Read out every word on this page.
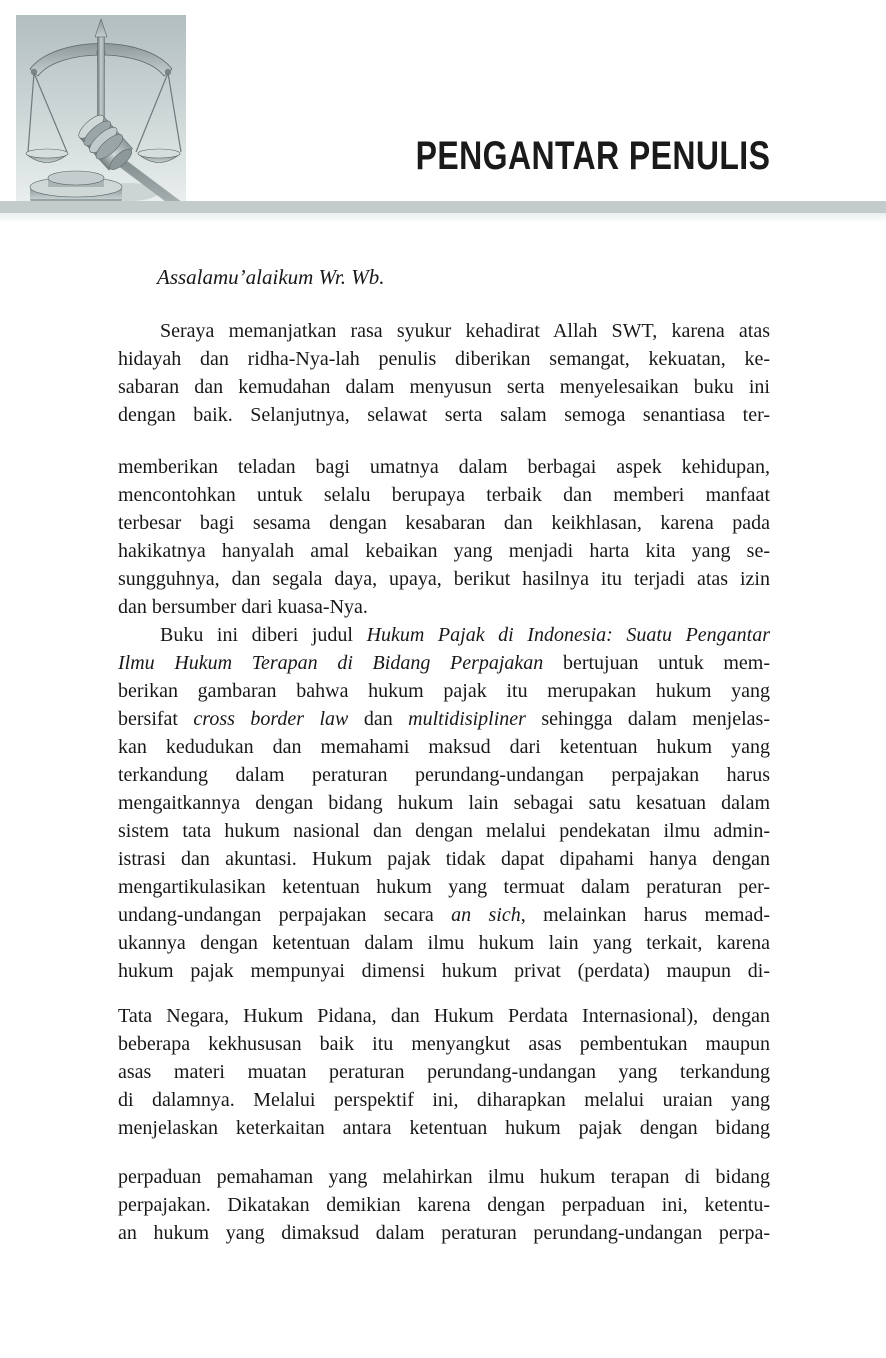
PENGANTAR PENULIS
Assalamu’alaikum Wr. Wb.
Seraya memanjatkan rasa syukur kehadirat Allah SWT, karena atas
hidayah dan ridha-Nya-lah penulis diberikan semangat, kekuatan, ke-
sabaran dan kemudahan dalam menyusun serta menyelesaikan buku ini
dengan baik. Selanjutnya, selawat serta salam semoga senantiasa ter-
memberikan teladan bagi umatnya dalam berbagai aspek kehidupan,
mencontohkan untuk selalu berupaya terbaik dan memberi manfaat
terbesar bagi sesama dengan kesabaran dan keikhlasan, karena pada
hakikatnya hanyalah amal kebaikan yang menjadi harta kita yang se-
sungguhnya, dan segala daya, upaya, berikut hasilnya itu terjadi atas izin
dan bersumber dari kuasa-Nya.
Buku ini diberi judul Hukum Pajak di Indonesia: Suatu Pengantar
Ilmu Hukum Terapan di Bidang Perpajakan bertujuan untuk mem-
berikan gambaran bahwa hukum pajak itu merupakan hukum yang
bersifat cross border law dan multidisipliner sehingga dalam menjelas-
kan kedudukan dan memahami maksud dari ketentuan hukum yang
terkandung dalam peraturan perundang-undangan perpajakan harus
mengaitkannya dengan bidang hukum lain sebagai satu kesatuan dalam
sistem tata hukum nasional dan dengan melalui pendekatan ilmu admin-
istrasi dan akuntasi. Hukum pajak tidak dapat dipahami hanya dengan
mengartikulasikan ketentuan hukum yang termuat dalam peraturan per-
undang-undangan perpajakan secara an sich, melainkan harus memad-
ukannya dengan ketentuan dalam ilmu hukum lain yang terkait, karena
hukum pajak mempunyai dimensi hukum privat (perdata) maupun di-
Tata Negara, Hukum Pidana, dan Hukum Perdata Internasional), dengan
beberapa kekhususan baik itu menyangkut asas pembentukan maupun
asas materi muatan peraturan perundang-undangan yang terkandung
di dalamnya. Melalui perspektif ini, diharapkan melalui uraian yang
menjelaskan keterkaitan antara ketentuan hukum pajak dengan bidang
perpaduan pemahaman yang melahirkan ilmu hukum terapan di bidang
perpajakan. Dikatakan demikian karena dengan perpaduan ini, ketentu-
an hukum yang dimaksud dalam peraturan perundang-undangan perpa-
